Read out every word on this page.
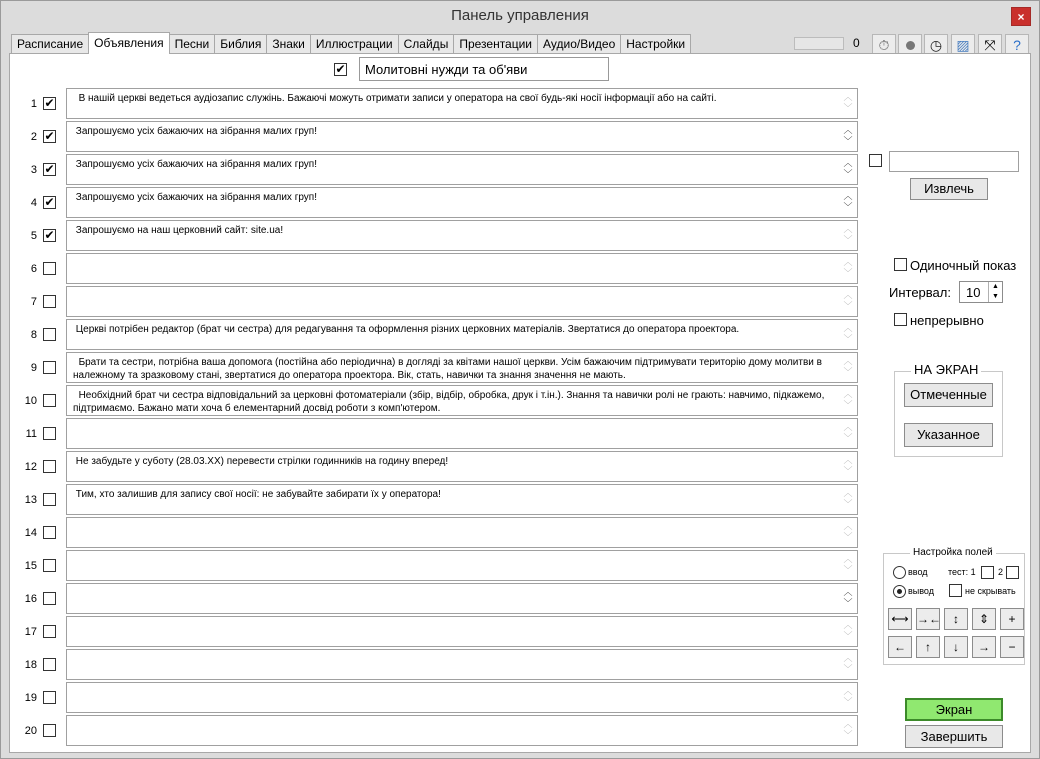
Панель управления	×
Расписание Объявления Песни Библия Знаки Иллюстрации Слайды Презентации Аудио/Видео Настройки	0	⏱	◷	▨	⤧	?
✔	Молитовні нужди та об'яви
1 ✔	В нашій церкві ведеться аудіозапис служінь. Бажаючі можуть отримати записи у оператора на свої будь-які носії інформації або на сайті.	︿
﹀
2 ✔	Запрошуємо усіх бажаючих на зібрання малих груп!	︿
﹀
3 ✔	Запрошуємо усіх бажаючих на зібрання малих груп!	︿
﹀
4 ✔	Запрошуємо усіх бажаючих на зібрання малих груп!	︿
﹀
5 ✔	Запрошуємо на наш церковний сайт: site.ua!	︿
﹀
6
︿
﹀
7
︿
﹀
8	Церкві потрібен редактор (брат чи сестра) для редагування та оформлення різних церковних матеріалів. Звертатися до оператора проектора.	︿
﹀
9	Брати та сестри, потрібна ваша допомога (постійна або періодична) в догляді за квітами нашої церкви. Усім бажаючим підтримувати територію дому молитви в належному та зразковому стані, звертатися до оператора проектора. Вік, стать, навички та знання значення не мають.
︿
﹀
10	Необхідний брат чи сестра відповідальний за церковні фотоматеріали (збір, відбір, обробка, друк і т.ін.). Знання та навички ролі не грають: навчимо, підкажемо, підтримаємо. Бажано мати хоча б елементарний досвід роботи з комп'ютером.
︿
﹀
11
︿
﹀
12	Не забудьте у суботу (28.03.ХХ) перевести стрілки годинників на годину вперед!	︿
﹀
13	Тим, хто залишив для запису свої носії: не забувайте забирати їх у оператора!	︿
﹀
14
︿
﹀
15
︿
﹀
16
︿
﹀
17
︿
﹀
18
︿
﹀
19
︿
﹀
20
︿
﹀
Извлечь
Одиночный показ
Интервал: 10	▲
▼
непрерывно
НА ЭКРАН
Отмеченные
Указанное
Настройка полей
ввод тест: 1 2
вывод	не скрывать
⟷ →←	↕	⇕	+
←	↑	↓	→	−
Экран
Завершить
